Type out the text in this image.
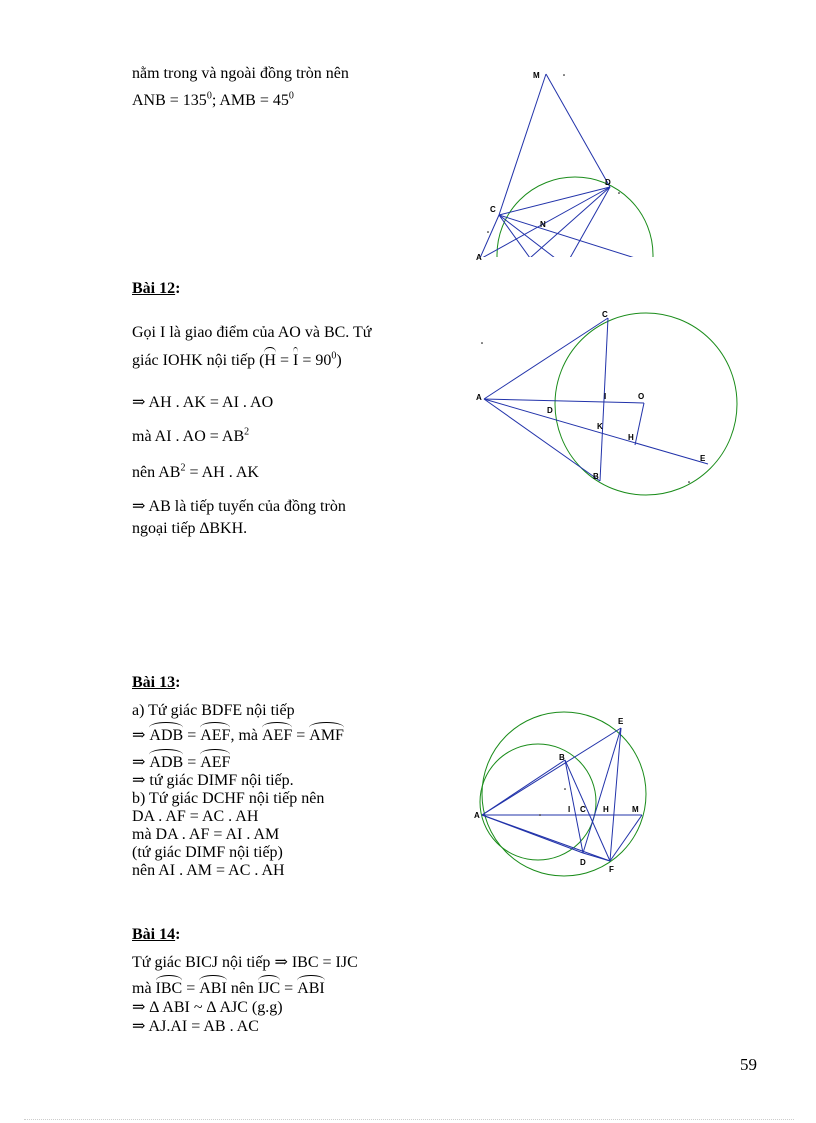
nằm trong và ngoài đồng tròn nên
ANB = $135^0$; AMB = $45^0$
M
D
C
N
A
Bài 12:
Gọi I là giao điểm của AO và BC. Tứ
giác IOHK nội tiếp $(H = I = 90^0)$
⇒ AH . AK = AI . AO
mà AI . AO = $AB^2$
nên $AB^2$ = AH . AK
⇒ AB là tiếp tuyến của đồng tròn
ngoại tiếp ∆BKH.
C
A	I	O
D
K
H
E
B
Bài 13:
a) Tứ giác BDFE nội tiếp
⇒ ADB = AEF, mà AEF = AMF
⇒ ADB = AEF
⇒ tứ giác DIMF nội tiếp.
b) Tứ giác DCHF nội tiếp nên
DA . AF = AC . AH
mà DA . AF = AI . AM
(tứ giác DIMF nội tiếp)
nên AI . AM = AC . AH
E
B
A
I C H	M
D
F
Bài 14:
Tứ giác BICJ nội tiếp ⇒ IBC = IJC
mà IBC = ABI nên IJC = ABI
⇒ ∆ ABI ~ ∆ AJC (g.g)
⇒ AJ.AI = AB . AC
59
